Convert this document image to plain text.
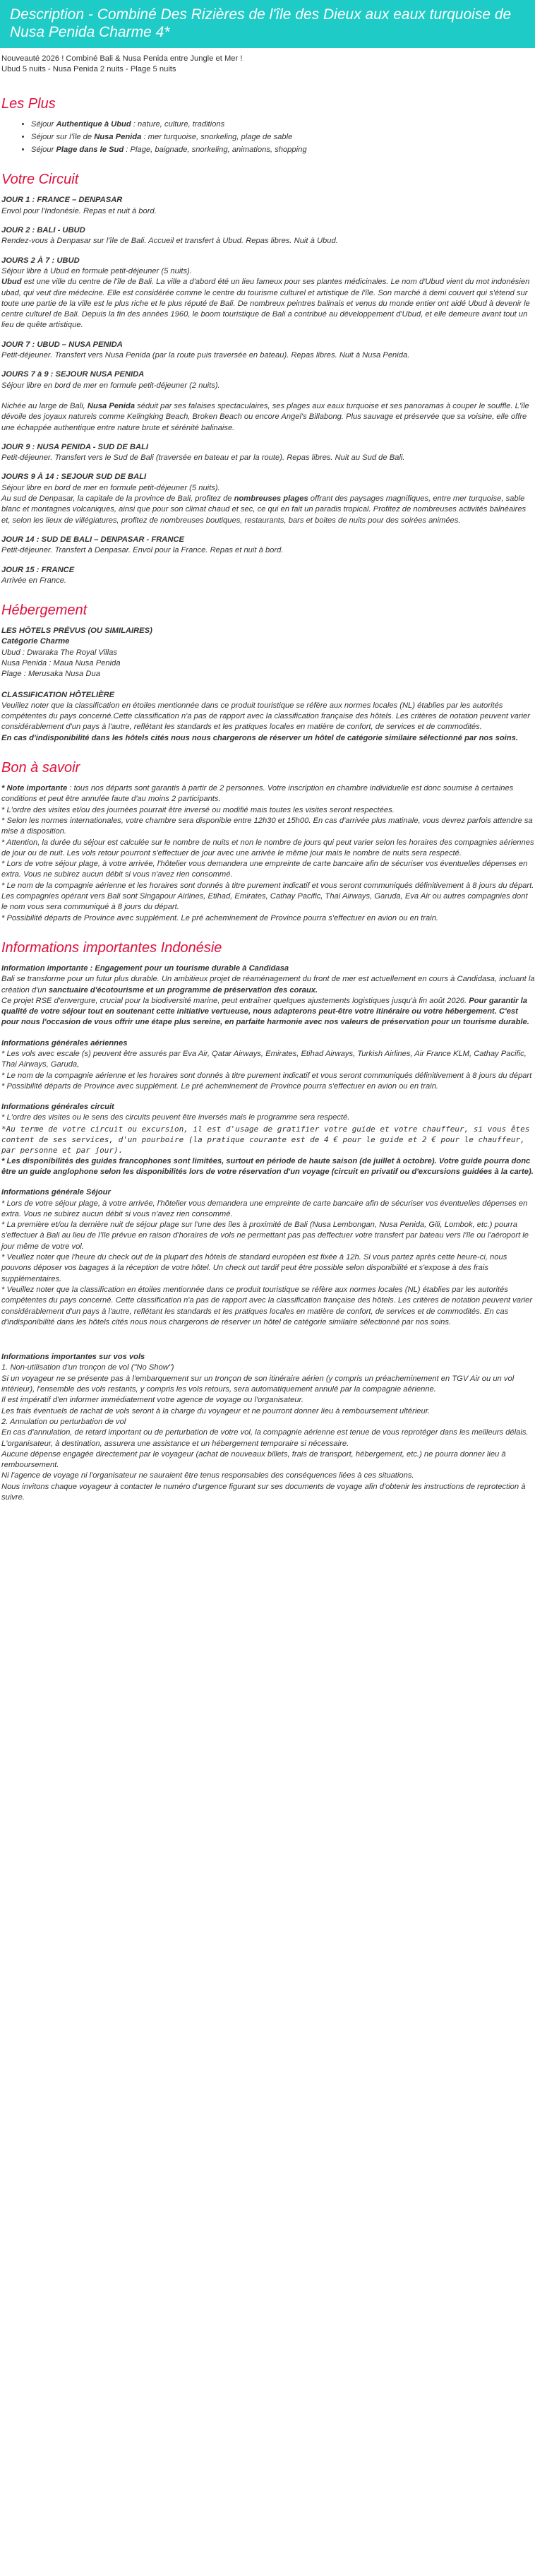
Description - Combiné Des Rizières de l'île des Dieux aux eaux turquoise de Nusa Penida Charme 4*

Nouveauté 2026 ! Combiné Bali & Nusa Penida entre Jungle et Mer !

Ubud 5 nuits - Nusa Penida 2 nuits - Plage 5 nuits

Les Plus
• Séjour Authentique à Ubud : nature, culture, traditions
• Séjour sur l'île de Nusa Penida : mer turquoise, snorkeling, plage de sable
• Séjour Plage dans le Sud : Plage, baignade, snorkeling, animations, shopping
Votre Circuit

JOUR 1 : FRANCE – DENPASAR

Envol pour l'Indonésie. Repas et nuit à bord.

JOUR 2 : BALI - UBUD

Rendez-vous à Denpasar sur l'île de Bali. Accueil et transfert à Ubud. Repas libres. Nuit à Ubud.

JOURS 2 À 7 : UBUD

Séjour libre à Ubud en formule petit-déjeuner (5 nuits).

Ubud est une ville du centre de l'île de Bali. La ville a d'abord été un lieu fameux pour ses plantes médicinales. Le nom d'Ubud vient du mot indonésien ubad, qui veut dire médecine. Elle est considérée comme le centre du tourisme culturel et artistique de l'île. Son marché à demi couvert qui s'étend sur toute une partie de la ville est le plus riche et le plus réputé de Bali. De nombreux peintres balinais et venus du monde entier ont aidé Ubud à devenir le centre culturel de Bali. Depuis la fin des années 1960, le boom touristique de Bali a contribué au développement d'Ubud, et elle demeure avant tout un lieu de quête artistique.

JOUR 7 : UBUD – NUSA PENIDA

Petit-déjeuner. Transfert vers Nusa Penida (par la route puis traversée en bateau). Repas libres. Nuit à Nusa Penida.

JOURS 7 à 9 : SEJOUR NUSA PENIDA

Séjour libre en bord de mer en formule petit-déjeuner (2 nuits).

Nichée au large de Bali, Nusa Penida séduit par ses falaises spectaculaires, ses plages aux eaux turquoise et ses panoramas à couper le souffle. L'île dévoile des joyaux naturels comme Kelingking Beach, Broken Beach ou encore Angel's Billabong. Plus sauvage et préservée que sa voisine, elle offre une échappée authentique entre nature brute et sérénité balinaise.

JOUR 9 : NUSA PENIDA - SUD DE BALI

Petit-déjeuner. Transfert vers le Sud de Bali (traversée en bateau et par la route). Repas libres. Nuit au Sud de Bali.

JOURS 9 À 14 : SEJOUR SUD DE BALI

Séjour libre en bord de mer en formule petit-déjeuner (5 nuits).

Au sud de Denpasar, la capitale de la province de Bali, profitez de nombreuses plages offrant des paysages magnifiques, entre mer turquoise, sable blanc et montagnes volcaniques, ainsi que pour son climat chaud et sec, ce qui en fait un paradis tropical. Profitez de nombreuses activités balnéaires et, selon les lieux de villégiatures, profitez de nombreuses boutiques, restaurants, bars et boites de nuits pour des soirées animées.

JOUR 14 : SUD DE BALI – DENPASAR - FRANCE

Petit-déjeuner. Transfert à Denpasar. Envol pour la France. Repas et nuit à bord.

JOUR 15 : FRANCE

Arrivée en France.

Hébergement

LES HÔTELS PRÉVUS (OU SIMILAIRES)

Catégorie Charme

Ubud : Dwaraka The Royal Villas

Nusa Penida : Maua Nusa Penida

Plage : Merusaka Nusa Dua

CLASSIFICATION HÔTELIÈRE

Veuillez noter que la classification en étoiles mentionnée dans ce produit touristique se réfère aux normes locales (NL) établies par les autorités compétentes du pays concerné.Cette classification n'a pas de rapport avec la classification française des hôtels. Les critères de notation peuvent varier considérablement d'un pays à l'autre, reflétant les standards et les pratiques locales en matière de confort, de services et de commodités.

En cas d'indisponibilité dans les hôtels cités nous nous chargerons de réserver un hôtel de catégorie similaire sélectionné par nos soins.

Bon à savoir

* Note importante : tous nos départs sont garantis à partir de 2 personnes. Votre inscription en chambre individuelle est donc soumise à certaines conditions et peut être annulée faute d'au moins 2 participants.

* L'ordre des visites et/ou des journées pourrait être inversé ou modifié mais toutes les visites seront respectées.

* Selon les normes internationales, votre chambre sera disponible entre 12h30 et 15h00. En cas d'arrivée plus matinale, vous devrez parfois attendre sa mise à disposition.

* Attention, la durée du séjour est calculée sur le nombre de nuits et non le nombre de jours qui peut varier selon les horaires des compagnies aériennes de jour ou de nuit. Les vols retour pourront s'effectuer de jour avec une arrivée le même jour mais le nombre de nuits sera respecté.

* Lors de votre séjour plage, à votre arrivée, l'hôtelier vous demandera une empreinte de carte bancaire afin de sécuriser vos éventuelles dépenses en extra. Vous ne subirez aucun débit si vous n'avez rien consommé.

* Le nom de la compagnie aérienne et les horaires sont donnés à titre purement indicatif et vous seront communiqués définitivement à 8 jours du départ. Les compagnies opérant vers Bali sont Singapour Airlines, Etihad, Emirates, Cathay Pacific, Thai Airways, Garuda, Eva Air ou autres compagnies dont le nom vous sera communiqué à 8 jours du départ.

* Possibilité départs de Province avec supplément. Le pré acheminement de Province pourra s'effectuer en avion ou en train.

Informations importantes Indonésie

Information importante : Engagement pour un tourisme durable à Candidasa

Bali se transforme pour un futur plus durable. Un ambitieux projet de réaménagement du front de mer est actuellement en cours à Candidasa, incluant la création d'un sanctuaire d'écotourisme et un programme de préservation des coraux.

Ce projet RSE d'envergure, crucial pour la biodiversité marine, peut entraîner quelques ajustements logistiques jusqu'à fin août 2026. Pour garantir la qualité de votre séjour tout en soutenant cette initiative vertueuse, nous adapterons peut-être votre itinéraire ou votre hébergement. C'est pour nous l'occasion de vous offrir une étape plus sereine, en parfaite harmonie avec nos valeurs de préservation pour un tourisme durable.

Informations générales aériennes

* Les vols avec escale (s) peuvent être assurés par Eva Air, Qatar Airways, Emirates, Etihad Airways, Turkish Airlines, Air France KLM, Cathay Pacific, Thai Airways, Garuda,

* Le nom de la compagnie aérienne et les horaires sont donnés à titre purement indicatif et vous seront communiqués définitivement à 8 jours du départ

* Possibilité départs de Province avec supplément. Le pré acheminement de Province pourra s'effectuer en avion ou en train.

Informations générales circuit

* L'ordre des visites ou le sens des circuits peuvent être inversés mais le programme sera respecté.

*Au terme de votre circuit ou excursion, il est d'usage de gratifier votre guide et votre chauffeur, si vous êtes content de ses services, d'un pourboire (la pratique courante est de 4 € pour le guide et 2 € pour le chauffeur, par personne et par jour).

* Les disponibilités des guides francophones sont limitées, surtout en période de haute saison (de juillet à octobre). Votre guide pourra donc être un guide anglophone selon les disponibilités lors de votre réservation d'un voyage (circuit en privatif ou d'excursions guidées à la carte).

Informations générale Séjour

* Lors de votre séjour plage, à votre arrivée, l'hôtelier vous demandera une empreinte de carte bancaire afin de sécuriser vos éventuelles dépenses en extra. Vous ne subirez aucun débit si vous n'avez rien consommé.

* La première et/ou la dernière nuit de séjour plage sur l'une des îles à proximité de Bali (Nusa Lembongan, Nusa Penida, Gili, Lombok, etc.) pourra s'effectuer à Bali au lieu de l'île prévue en raison d'horaires de vols ne permettant pas pas deffectuer votre transfert par bateau vers l'île ou l'aéroport le jour même de votre vol.

* Veuillez noter que l'heure du check out de la plupart des hôtels de standard européen est fixée à 12h. Si vous partez après cette heure-ci, nous pouvons déposer vos bagages à la réception de votre hôtel. Un check out tardif peut être possible selon disponibilité et s'expose à des frais supplémentaires.

* Veuillez noter que la classification en étoiles mentionnée dans ce produit touristique se réfère aux normes locales (NL) établies par les autorités compétentes du pays concerné. Cette classification n'a pas de rapport avec la classification française des hôtels. Les critères de notation peuvent varier considérablement d'un pays à l'autre, reflétant les standards et les pratiques locales en matière de confort, de services et de commodités. En cas d'indisponibilité dans les hôtels cités nous nous chargerons de réserver un hôtel de catégorie similaire sélectionné par nos soins.

Informations importantes sur vos vols

1. Non-utilisation d'un tronçon de vol ("No Show")

Si un voyageur ne se présente pas à l'embarquement sur un tronçon de son itinéraire aérien (y compris un préacheminement en TGV Air ou un vol intérieur), l'ensemble des vols restants, y compris les vols retours, sera automatiquement annulé par la compagnie aérienne.

Il est impératif d'en informer immédiatement votre agence de voyage ou l'organisateur.

Les frais éventuels de rachat de vols seront à la charge du voyageur et ne pourront donner lieu à remboursement ultérieur.

2. Annulation ou perturbation de vol

En cas d'annulation, de retard important ou de perturbation de votre vol, la compagnie aérienne est tenue de vous reprotéger dans les meilleurs délais.

L'organisateur, à destination, assurera une assistance et un hébergement temporaire si nécessaire.

Aucune dépense engagée directement par le voyageur (achat de nouveaux billets, frais de transport, hébergement, etc.) ne pourra donner lieu à remboursement.

Ni l'agence de voyage ni l'organisateur ne sauraient être tenus responsables des conséquences liées à ces situations.

Nous invitons chaque voyageur à contacter le numéro d'urgence figurant sur ses documents de voyage afin d'obtenir les instructions de reprotection à suivre.
